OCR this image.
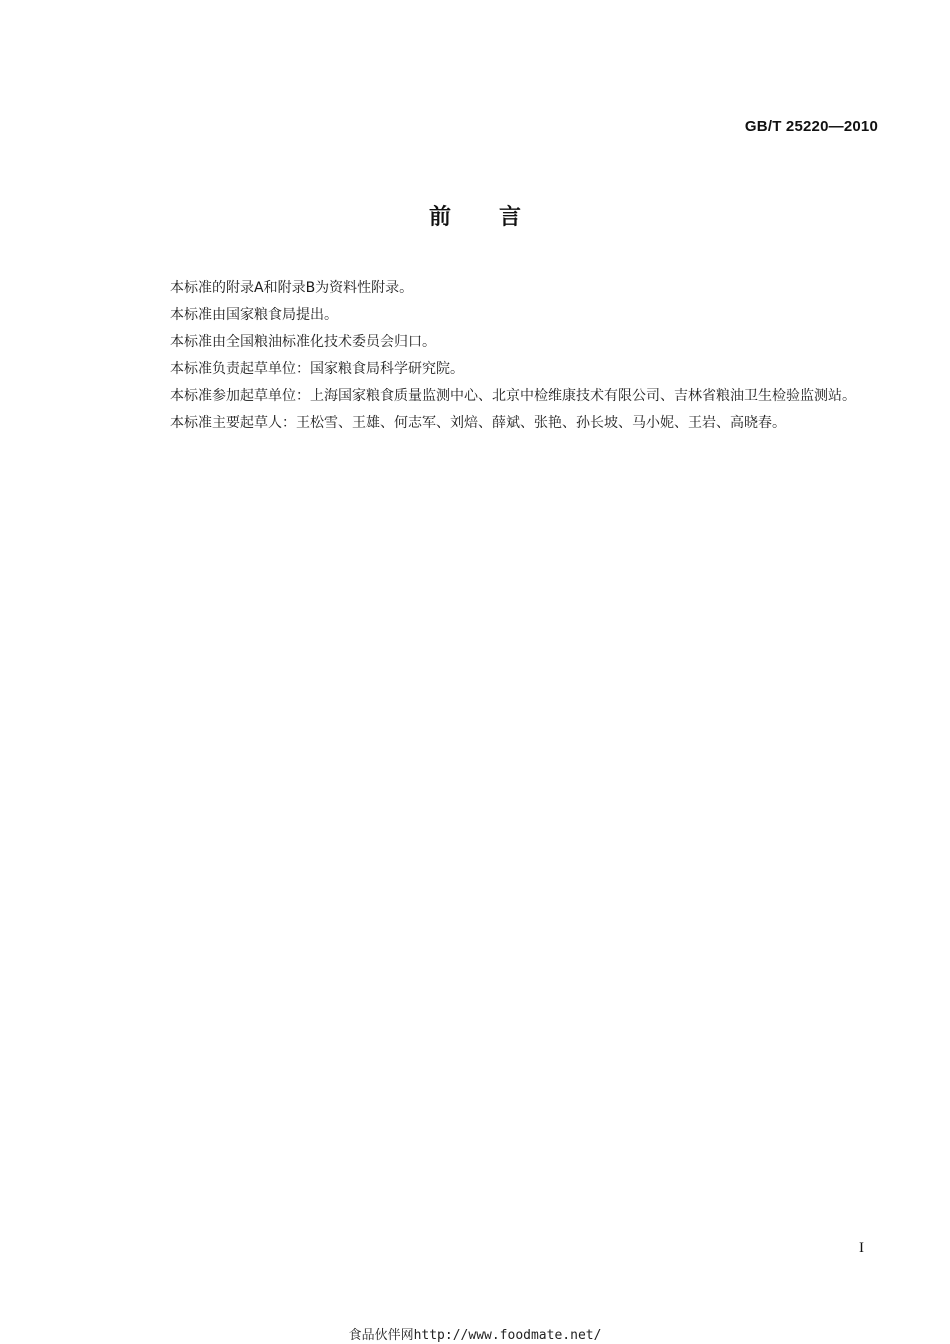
GB/T 25220—2010
前言

本标准的附录A和附录B为资料性附录。

本标准由国家粮食局提出。

本标准由全国粮油标准化技术委员会归口。

本标准负责起草单位：国家粮食局科学研究院。

本标准参加起草单位：上海国家粮食质量监测中心、北京中检维康技术有限公司、吉林省粮油卫生检验监测站。

本标准主要起草人：王松雪、王雄、何志军、刘焙、薛斌、张艳、孙长坡、马小妮、王岩、高晓春。

I
食品伙伴网http://www.foodmate.net/
